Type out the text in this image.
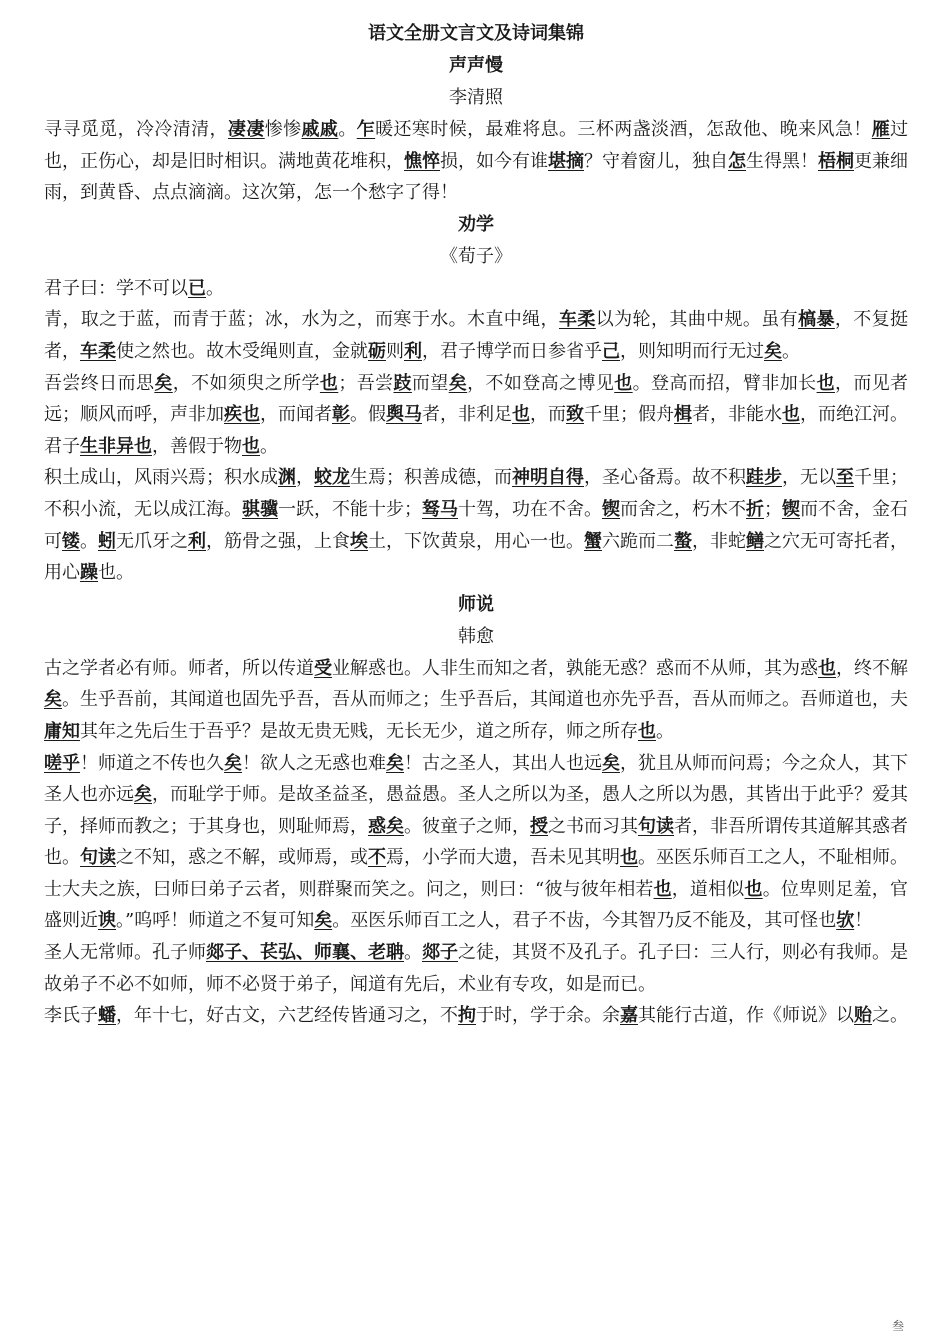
语文全册文言文及诗词集锦
声声慢
李清照

寻寻觅觅，冷冷清清，凄凄惨惨戚戚。乍暖还寒时候，最难将息。三杯两盏淡酒，怎敌他、晚来风急！雁过也，正伤心，却是旧时相识。满地黄花堆积，憔悴损，如今有谁堪摘？守着窗儿，独自怎生得黑！梧桐更兼细雨，到黄昏、点点滴滴。这次第，怎一个愁字了得！

劝学
《荀子》

君子曰：学不可以已。

青，取之于蓝，而青于蓝；冰，水为之，而寒于水。木直中绳，车柔以为轮，其曲中规。虽有槁暴，不复挺者，车柔使之然也。故木受绳则直，金就砺则利，君子博学而日参省乎己，则知明而行无过矣。

吾尝终日而思矣，不如须臾之所学也；吾尝跂而望矣，不如登高之博见也。登高而招，臂非加长也，而见者远；顺风而呼，声非加疾也，而闻者彰。假舆马者，非利足也，而致千里；假舟楫者，非能水也，而绝江河。君子生非异也，善假于物也。

积土成山，风雨兴焉；积水成渊，蛟龙生焉；积善成德，而神明自得，圣心备焉。故不积跬步，无以至千里；不积小流，无以成江海。骐骥一跃，不能十步；驽马十驾，功在不舍。锲而舍之，朽木不折；锲而不舍，金石可镂。蚓无爪牙之利，筋骨之强，上食埃土，下饮黄泉，用心一也。蟹六跪而二螯，非蛇鳝之穴无可寄托者，用心躁也。

师说
韩愈

古之学者必有师。师者，所以传道受业解惑也。人非生而知之者，孰能无惑？惑而不从师，其为惑也，终不解矣。生乎吾前，其闻道也固先乎吾，吾从而师之；生乎吾后，其闻道也亦先乎吾，吾从而师之。吾师道也，夫庸知其年之先后生于吾乎？是故无贵无贱，无长无少，道之所存，师之所存也。

嗟乎！师道之不传也久矣！欲人之无惑也难矣！古之圣人，其出人也远矣，犹且从师而问焉；今之众人，其下圣人也亦远矣，而耻学于师。是故圣益圣，愚益愚。圣人之所以为圣，愚人之所以为愚，其皆出于此乎？爱其子，择师而教之；于其身也，则耻师焉，惑矣。彼童子之师，授之书而习其句读者，非吾所谓传其道解其惑者也。句读之不知，惑之不解，或师焉，或不焉，小学而大遗，吾未见其明也。巫医乐师百工之人，不耻相师。士大夫之族，曰师曰弟子云者，则群聚而笑之。问之，则曰：“彼与彼年相若也，道相似也。位卑则足羞，官盛则近谀。”呜呼！师道之不复可知矣。巫医乐师百工之人，君子不齿，今其智乃反不能及，其可怪也欤！

圣人无常师。孔子师郯子、苌弘、师襄、老聃。郯子之徒，其贤不及孔子。孔子曰：三人行，则必有我师。是故弟子不必不如师，师不必贤于弟子，闻道有先后，术业有专攻，如是而已。

李氏子蟠，年十七，好古文，六艺经传皆通习之，不拘于时，学于余。余嘉其能行古道，作《师说》以贻之。

叁
